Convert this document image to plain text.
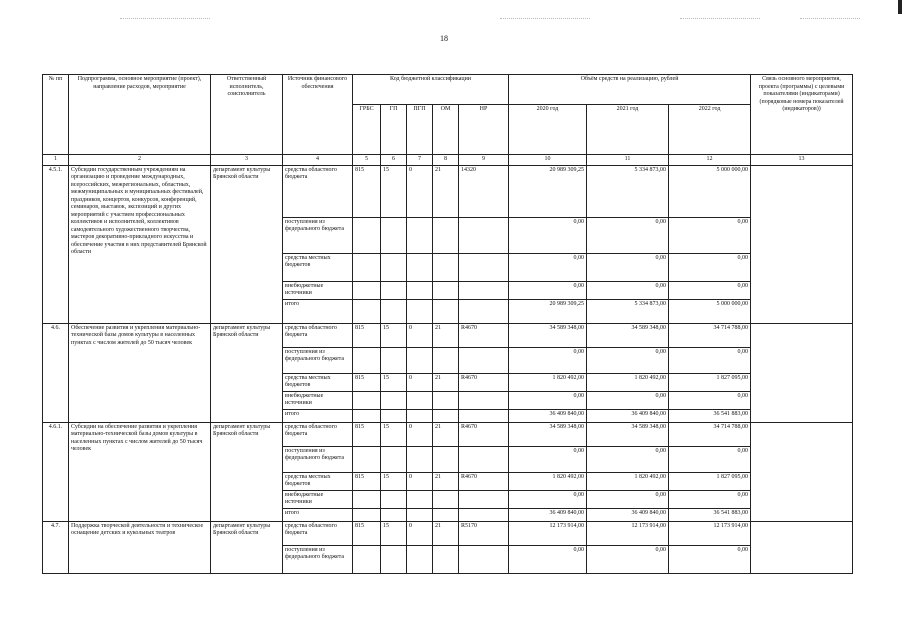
18
№ пп	Подпрограмма, основное мероприятие (проект), направление расходов, мероприятие	Ответственный исполнитель, соисполнитель	Источник финансового обеспечения	Код бюджетной классификации					Объём средств на реализацию, рублей			Связь основного мероприятия, проекта (программы) с целевыми показателями (индикаторами) (порядковые номера показателей (индикаторов))
				ГРБС	ГП	ПГП	ОМ	НР	2020 год	2021 год	2022 год	
1	2	3	4	5	6	7	8	9	10	11	12	13
4.5.1.	Субсидии государственным учреждениям на организацию и проведение международных, всероссийских, межрегиональных, областных, межмуниципальных и муниципальных фестивалей, праздников, концертов, конкурсов, конференций, семинаров, выставок, экспозиций и других мероприятий с участием профессиональных коллективов и исполнителей, коллективов самодеятельного художественного творчества, мастеров декоративно-прикладного искусства и обеспечение участия в них представителей Брянской области	департамент культуры Брянской области	средства областного бюджета	815	15	0	21	14320	20 989 309,25	5 334 873,00	5 000 000,00	
			поступления из федерального бюджета						0,00	0,00	0,00	
			средства местных бюджетов						0,00	0,00	0,00	
			внебюджетные источники						0,00	0,00	0,00	
			итого						20 989 309,25	5 334 873,00	5 000 000,00	
4.6.	Обеспечение развития и укрепления материально-технической базы домов культуры в населенных пунктах с числом жителей до 50 тысяч человек	департамент культуры Брянской области	средства областного бюджета	815	15	0	21	R4670	34 589 348,00	34 589 348,00	34 714 788,00	
			поступления из федерального бюджета						0,00	0,00	0,00	
			средства местных бюджетов	815	15	0	21	R4670	1 820 492,00	1 820 492,00	1 827 095,00	
			внебюджетные источники						0,00	0,00	0,00	
			итого						36 409 840,00	36 409 840,00	36 541 883,00	
4.6.1.	Субсидии на обеспечение развития и укрепления материально-технической базы домов культуры в населенных пунктах с числом жителей до 50 тысяч человек	департамент культуры Брянской области	средства областного бюджета	815	15	0	21	R4670	34 589 348,00	34 589 348,00	34 714 788,00	
			поступления из федерального бюджета						0,00	0,00	0,00	
			средства местных бюджетов	815	15	0	21	R4670	1 820 492,00	1 820 492,00	1 827 095,00	
			внебюджетные источники						0,00	0,00	0,00	
			итого						36 409 840,00	36 409 840,00	36 541 883,00	
4.7.	Поддержка творческой деятельности и техническое оснащение детских и кукольных театров	департамент культуры Брянской области	средства областного бюджета	815	15	0	21	R5170	12 173 914,00	12 173 914,00	12 173 914,00	
			поступления из федерального бюджета						0,00	0,00	0,00	
